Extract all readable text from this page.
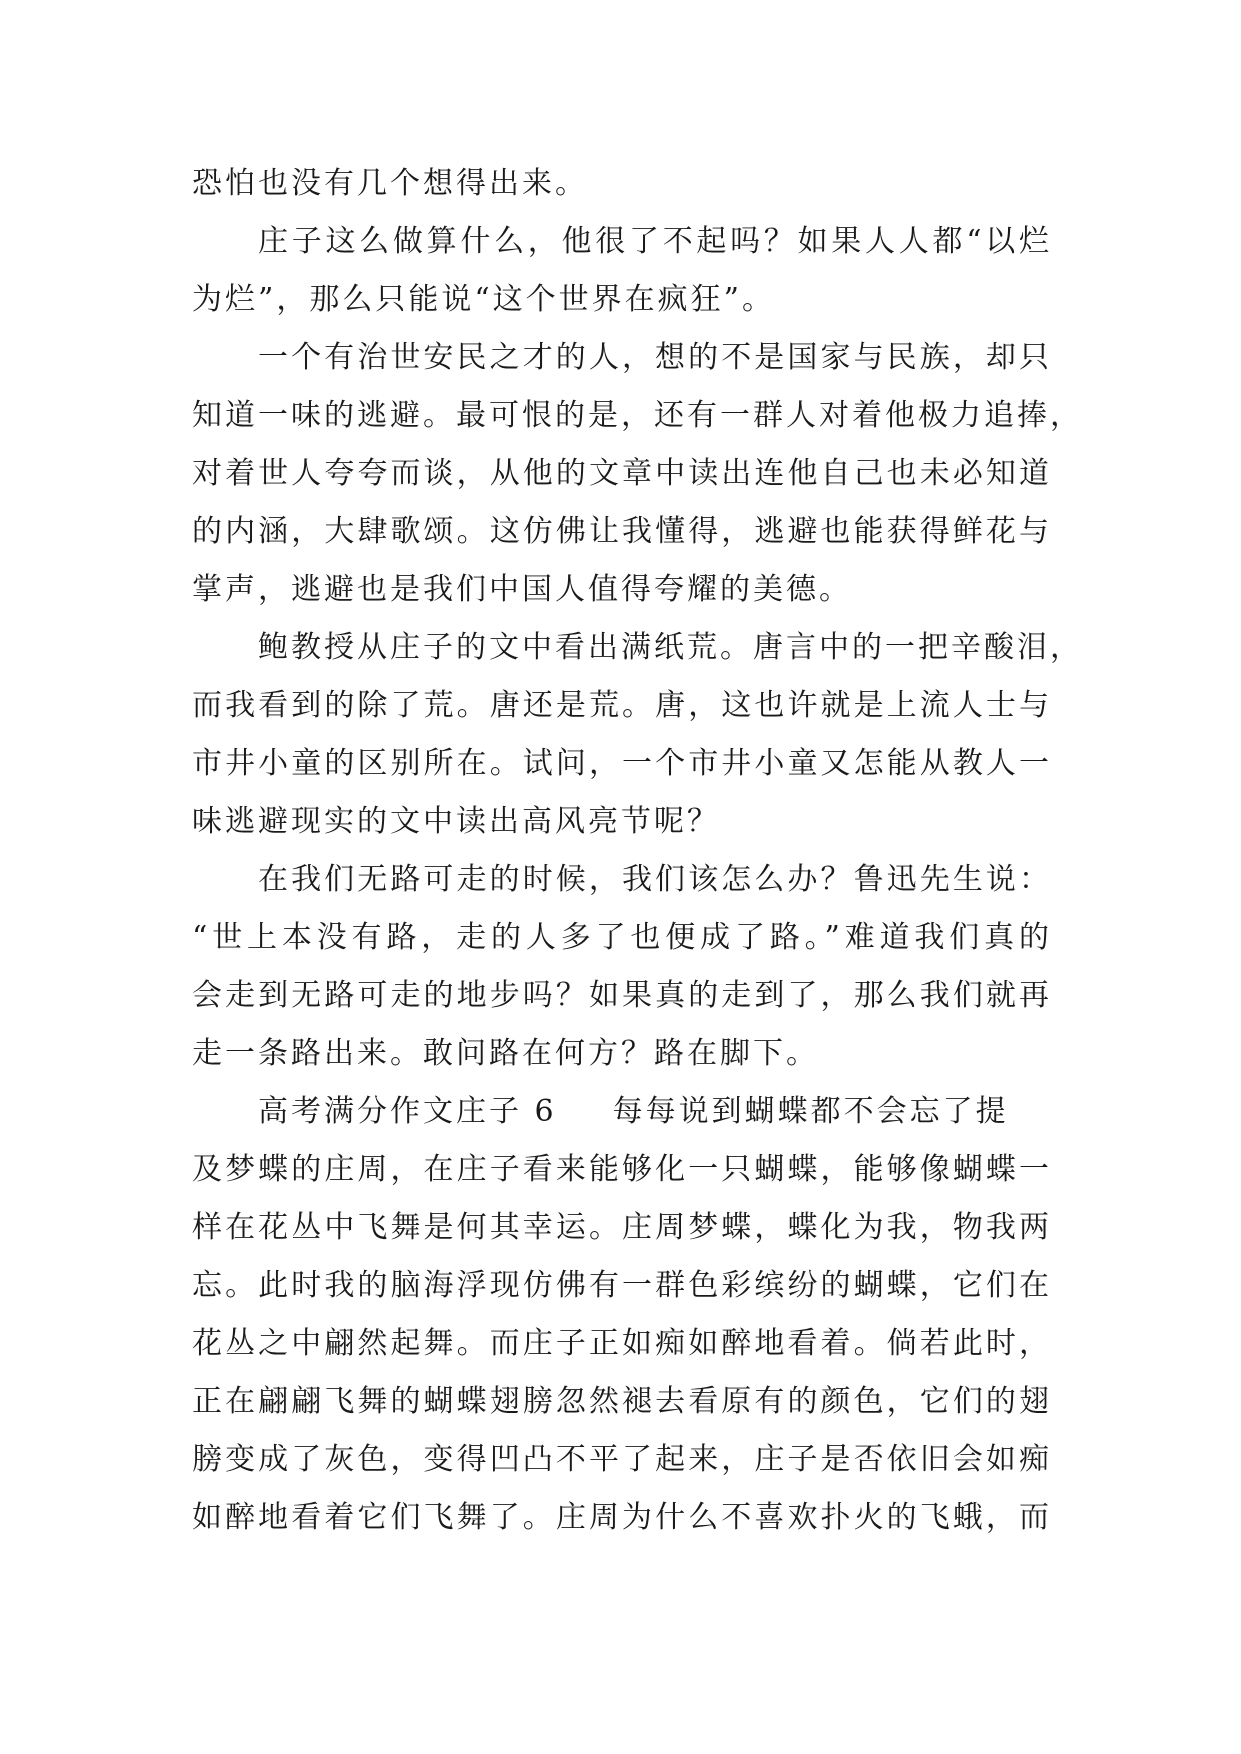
恐怕也没有几个想得出来。
庄子这么做算什么，他很了不起吗？如果人人都“以烂
为烂”，那么只能说“这个世界在疯狂”。
一个有治世安民之才的人，想的不是国家与民族，却只
知道一味的逃避。最可恨的是，还有一群人对着他极力追捧，
对着世人夸夸而谈，从他的文章中读出连他自己也未必知道
的内涵，大肆歌颂。这仿佛让我懂得，逃避也能获得鲜花与
掌声，逃避也是我们中国人值得夸耀的美德。
鲍教授从庄子的文中看出满纸荒。唐言中的一把辛酸泪，
而我看到的除了荒。唐还是荒。唐，这也许就是上流人士与
市井小童的区别所在。试问，一个市井小童又怎能从教人一
味逃避现实的文中读出高风亮节呢？
在我们无路可走的时候，我们该怎么办？鲁迅先生说：
“世上本没有路，走的人多了也便成了路。”难道我们真的
会走到无路可走的地步吗？如果真的走到了，那么我们就再
走一条路出来。敢问路在何方？路在脚下。
高考满分作文庄子 6 每每说到蝴蝶都不会忘了提
及梦蝶的庄周，在庄子看来能够化一只蝴蝶，能够像蝴蝶一
样在花丛中飞舞是何其幸运。庄周梦蝶，蝶化为我，物我两
忘。此时我的脑海浮现仿佛有一群色彩缤纷的蝴蝶，它们在
花丛之中翩然起舞。而庄子正如痴如醉地看着。倘若此时，
正在翩翩飞舞的蝴蝶翅膀忽然褪去看原有的颜色，它们的翅
膀变成了灰色，变得凹凸不平了起来，庄子是否依旧会如痴
如醉地看着它们飞舞了。庄周为什么不喜欢扑火的飞蛾，而
